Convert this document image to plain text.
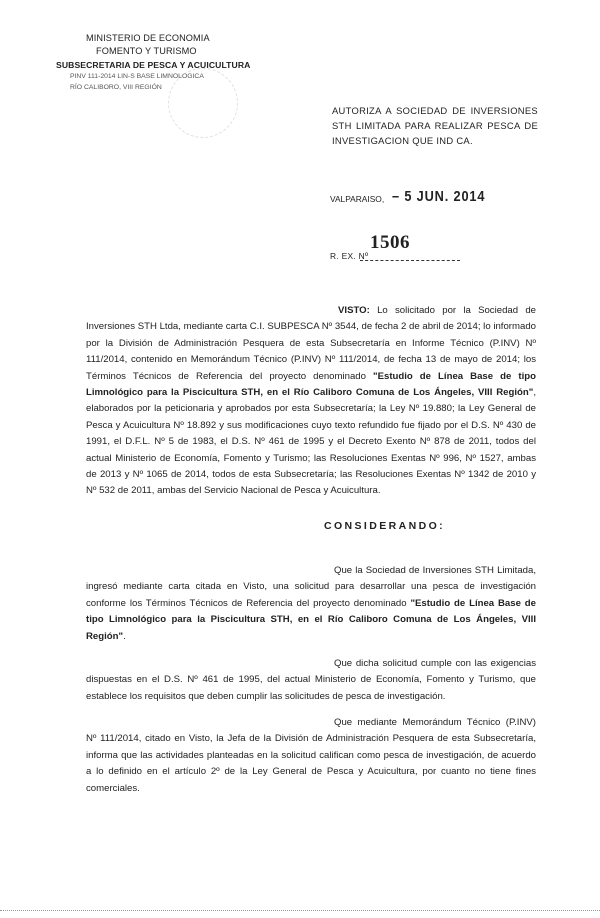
MINISTERIO DE ECONOMIA
FOMENTO Y TURISMO
SUBSECRETARIA DE PESCA Y ACUICULTURA
PINV 111-2014 LIN-S BASE LIMNOLOGICA
RÍO CALIBORO, VIII REGIÓN
AUTORIZA A SOCIEDAD DE INVERSIONES STH LIMITADA PARA REALIZAR PESCA DE INVESTIGACION QUE IND CA.
VALPARAISO, – 5 JUN. 2014
1506
R. EX. Nº
VISTO: Lo solicitado por la Sociedad de Inversiones STH Ltda, mediante carta C.I. SUBPESCA Nº 3544, de fecha 2 de abril de 2014; lo informado por la División de Administración Pesquera de esta Subsecretaría en Informe Técnico (P.INV) Nº 111/2014, contenido en Memorándum Técnico (P.INV) Nº 111/2014, de fecha 13 de mayo de 2014; los Términos Técnicos de Referencia del proyecto denominado "Estudio de Línea Base de tipo Limnológico para la Piscicultura STH, en el Río Caliboro Comuna de Los Ángeles, VIII Región", elaborados por la peticionaria y aprobados por esta Subsecretaría; la Ley Nº 19.880; la Ley General de Pesca y Acuicultura Nº 18.892 y sus modificaciones cuyo texto refundido fue fijado por el D.S. Nº 430 de 1991, el D.F.L. Nº 5 de 1983, el D.S. Nº 461 de 1995 y el Decreto Exento Nº 878 de 2011, todos del actual Ministerio de Economía, Fomento y Turismo; las Resoluciones Exentas Nº 996, Nº 1527, ambas de 2013 y Nº 1065 de 2014, todos de esta Subsecretaría; las Resoluciones Exentas Nº 1342 de 2010 y Nº 532 de 2011, ambas del Servicio Nacional de Pesca y Acuicultura.
CONSIDERANDO:
Que la Sociedad de Inversiones STH Limitada, ingresó mediante carta citada en Visto, una solicitud para desarrollar una pesca de investigación conforme los Términos Técnicos de Referencia del proyecto denominado "Estudio de Línea Base de tipo Limnológico para la Piscicultura STH, en el Río Caliboro Comuna de Los Ángeles, VIII Región".
Que dicha solicitud cumple con las exigencias dispuestas en el D.S. Nº 461 de 1995, del actual Ministerio de Economía, Fomento y Turismo, que establece los requisitos que deben cumplir las solicitudes de pesca de investigación.
Que mediante Memorándum Técnico (P.INV) Nº 111/2014, citado en Visto, la Jefa de la División de Administración Pesquera de esta Subsecretaría, informa que las actividades planteadas en la solicitud califican como pesca de investigación, de acuerdo a lo definido en el artículo 2º de la Ley General de Pesca y Acuicultura, por cuanto no tiene fines comerciales.
